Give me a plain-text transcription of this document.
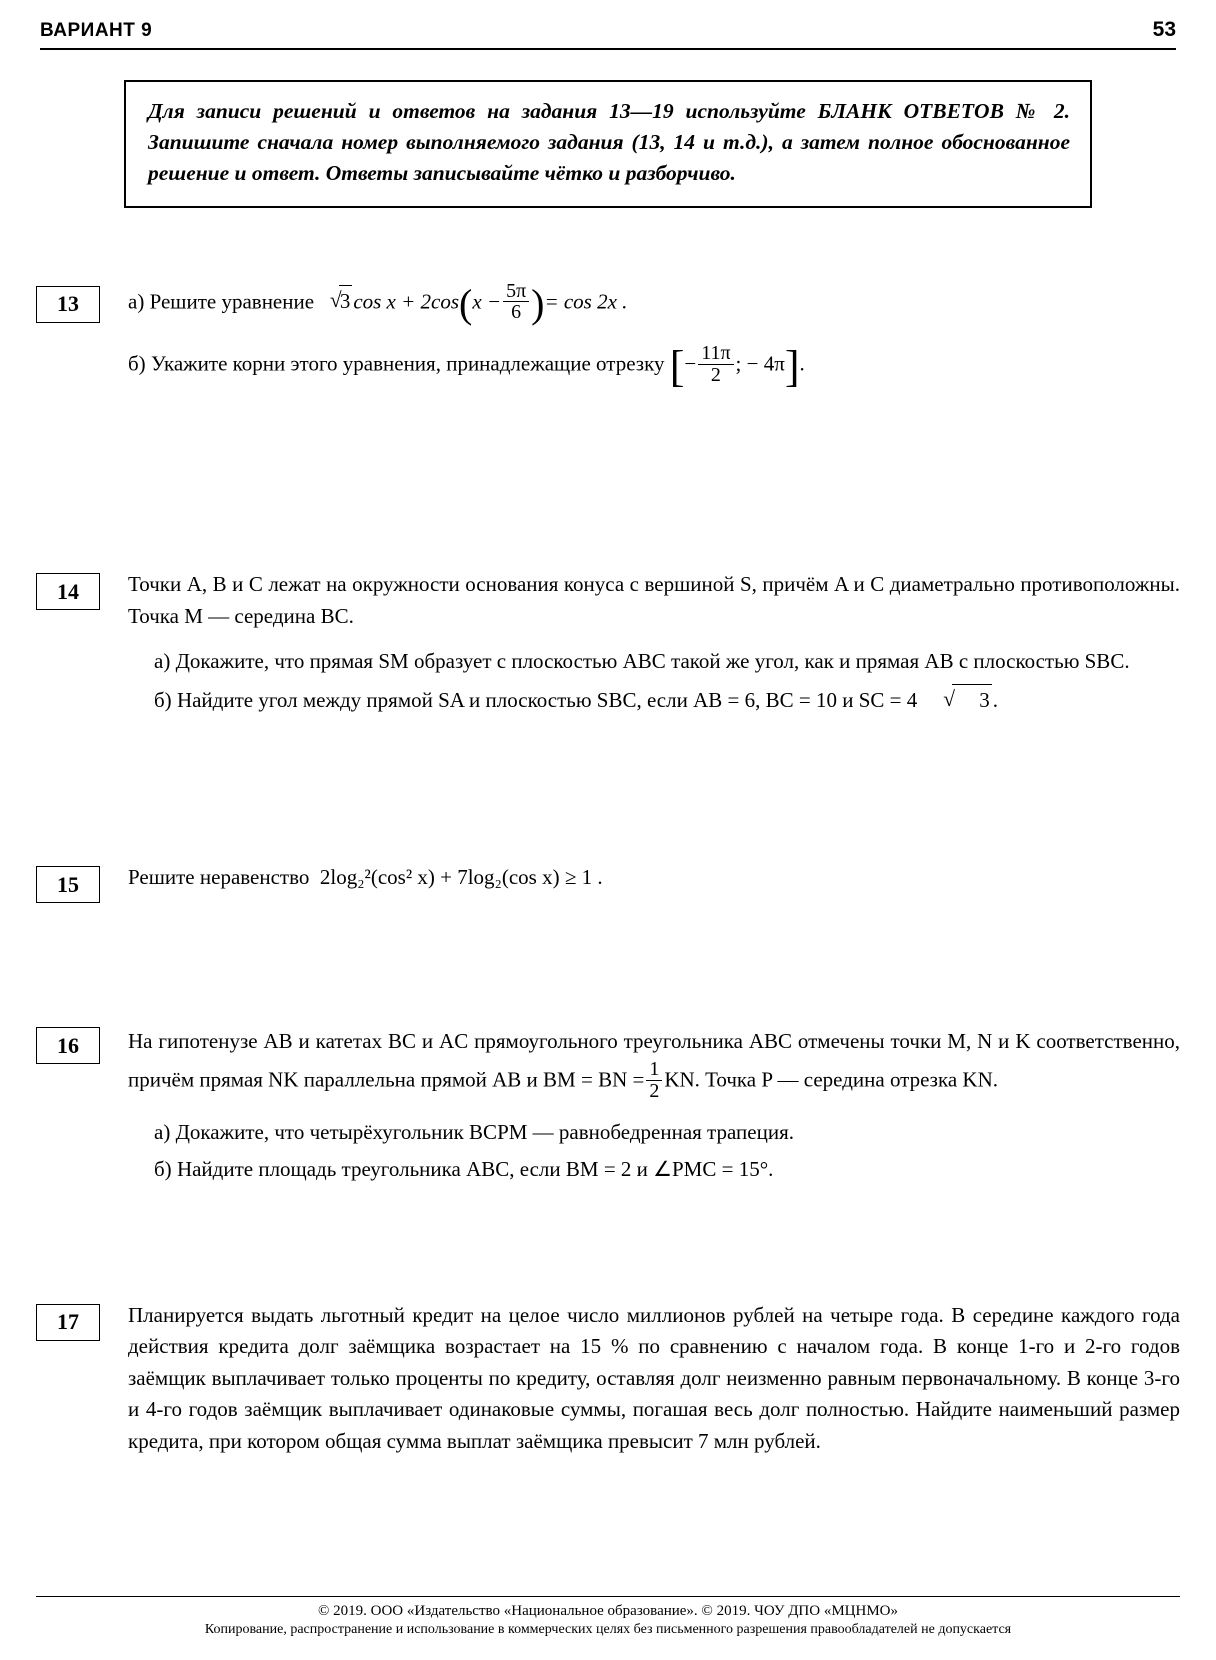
ВАРИАНТ 9	53
Для записи решений и ответов на задания 13—19 используйте БЛАНК ОТВЕТОВ № 2. Запишите сначала номер выполняемого задания (13, 14 и т.д.), а затем полное обоснованное решение и ответ. Ответы записывайте чётко и разборчиво.
13	а) Решите уравнение √ 3 $\cos x + 2\cos(x - \frac{5\pi}{6}$ )= cos 2x .

б) Укажите корни этого уравнения, принадлежащие отрезку [− $\frac{11\pi}{2}$ ; − 4π].

14	Точки A, B и C лежат на окружности основания конуса с вершиной S, причём A и C диаметрально противоположны. Точка M — середина BC.

а) Докажите, что прямая SM образует с плоскостью ABC такой же угол, как и прямая AB с плоскостью SBC.

б) Найдите угол между прямой SA и плоскостью SBC, если AB = 6, BC = 10 и SC = 4	√ 3 .

15	Решите неравенство 2log₂²(cos² x) + 7log₂(cos x) ≥ 1 .

16	На гипотенузе AB и катетах BC и AC прямоугольного треугольника ABC отмечены точки M, N и K соответственно, причём прямая NK параллельна прямой AB и BM = BN = $\frac{1}{2}$ KN. Точка P — середина отрезка KN.

а) Докажите, что четырёхугольник BCPM — равнобедренная трапеция.

б) Найдите площадь треугольника ABC, если BM = 2 и ∠PMC = 15°.

17	Планируется выдать льготный кредит на целое число миллионов рублей на четыре года. В середине каждого года действия кредита долг заёмщика возрастает на 15 % по сравнению с началом года. В конце 1-го и 2-го годов заёмщик выплачивает только проценты по кредиту, оставляя долг неизменно равным первоначальному. В конце 3-го и 4-го годов заёмщик выплачивает одинаковые суммы, погашая весь долг полностью. Найдите наименьший размер кредита, при котором общая сумма выплат заёмщика превысит 7 млн рублей.

© 2019. ООО «Издательство «Национальное образование». © 2019. ЧОУ ДПО «МЦНМО»
Копирование, распространение и использование в коммерческих целях без письменного разрешения правообладателей не допускается
